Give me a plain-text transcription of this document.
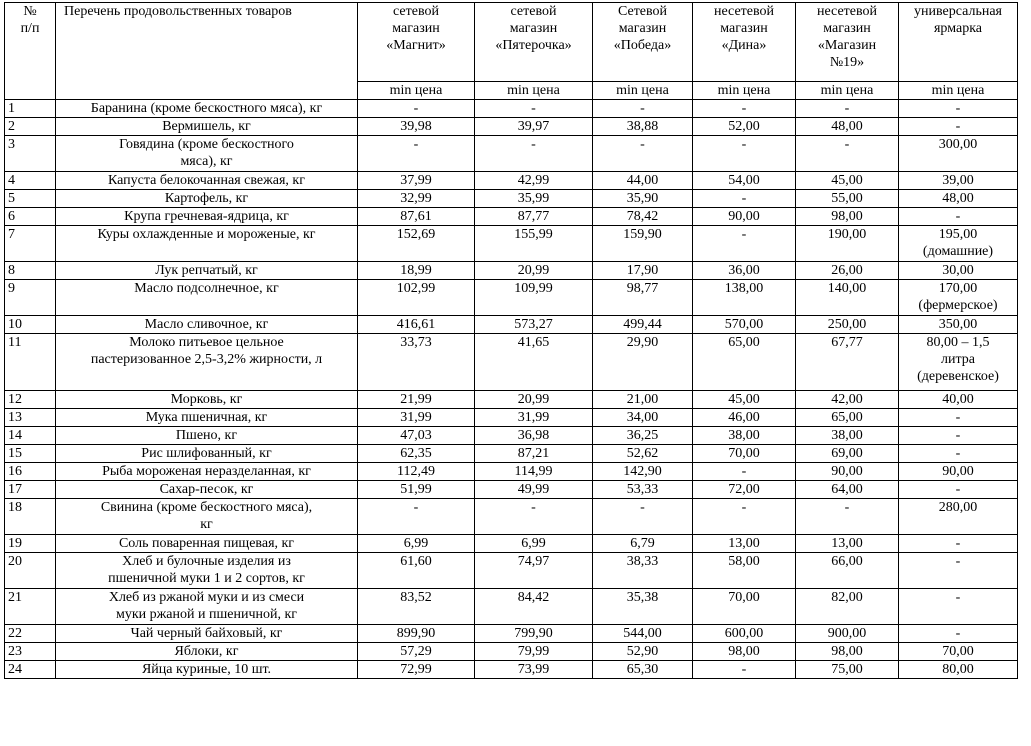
№
п/п	Перечень продовольственных товаров	сетевой
магазин
«Магнит»	сетевой
магазин
«Пятерочка»	Сетевой
магазин
«Победа»	несетевой
магазин
«Дина»	несетевой
магазин
«Магазин
№19»	универсальная
ярмарка
		min цена	min цена	min цена	min цена	min цена	min цена
1	Баранина (кроме бескостного мяса), кг	-	-	-	-	-	-
2	Вермишель, кг	39,98	39,97	38,88	52,00	48,00	-
3	Говядина (кроме бескостного
мяса), кг	-	-	-	-	-	300,00
4	Капуста белокочанная свежая, кг	37,99	42,99	44,00	54,00	45,00	39,00
5	Картофель, кг	32,99	35,99	35,90	-	55,00	48,00
6	Крупа гречневая-ядрица, кг	87,61	87,77	78,42	90,00	98,00	-
7	Куры охлажденные и мороженые, кг	152,69	155,99	159,90	-	190,00	195,00
(домашние)
8	Лук репчатый, кг	18,99	20,99	17,90	36,00	26,00	30,00
9	Масло подсолнечное, кг	102,99	109,99	98,77	138,00	140,00	170,00
(фермерское)
10	Масло сливочное, кг	416,61	573,27	499,44	570,00	250,00	350,00
11	Молоко питьевое цельное
пастеризованное 2,5-3,2% жирности, л	33,73	41,65	29,90	65,00	67,77	80,00 – 1,5
литра
(деревенское)
12	Морковь, кг	21,99	20,99	21,00	45,00	42,00	40,00
13	Мука пшеничная, кг	31,99	31,99	34,00	46,00	65,00	-
14	Пшено, кг	47,03	36,98	36,25	38,00	38,00	-
15	Рис шлифованный, кг	62,35	87,21	52,62	70,00	69,00	-
16	Рыба мороженая неразделанная, кг	112,49	114,99	142,90	-	90,00	90,00
17	Сахар-песок, кг	51,99	49,99	53,33	72,00	64,00	-
18	Свинина (кроме бескостного мяса),
кг	-	-	-	-	-	280,00
19	Соль поваренная пищевая, кг	6,99	6,99	6,79	13,00	13,00	-
20	Хлеб и булочные изделия из
пшеничной муки 1 и 2 сортов, кг	61,60	74,97	38,33	58,00	66,00	-
21	Хлеб из ржаной муки и из смеси
муки ржаной и пшеничной, кг	83,52	84,42	35,38	70,00	82,00	-
22	Чай черный байховый, кг	899,90	799,90	544,00	600,00	900,00	-
23	Яблоки, кг	57,29	79,99	52,90	98,00	98,00	70,00
24	Яйца куриные, 10 шт.	72,99	73,99	65,30	-	75,00	80,00
